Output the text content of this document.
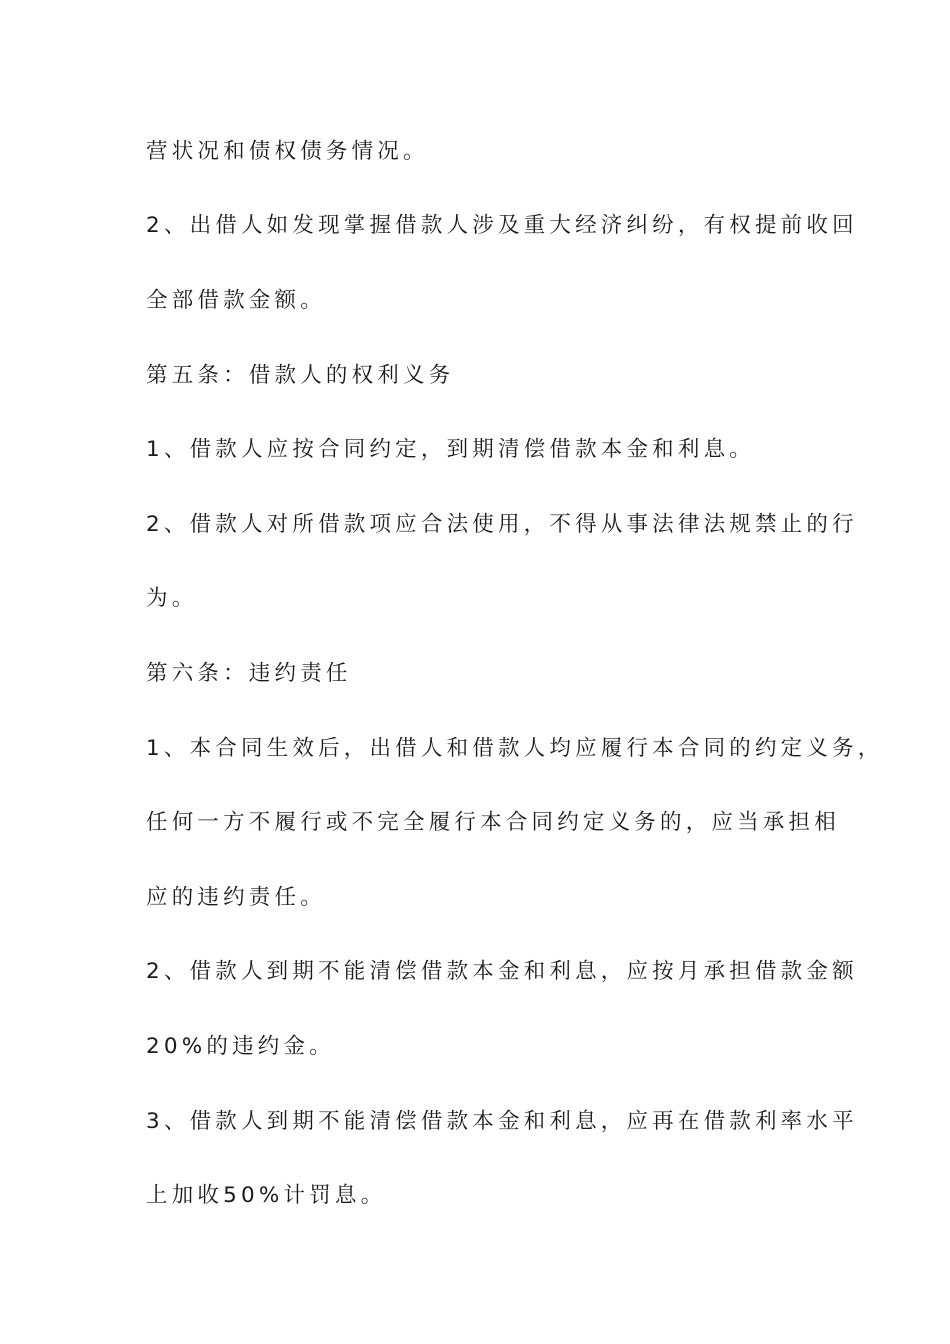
营状况和债权债务情况。
2、出借人如发现掌握借款人涉及重大经济纠纷，有权提前收回
全部借款金额。
第五条：借款人的权利义务
1、借款人应按合同约定，到期清偿借款本金和利息。
2、借款人对所借款项应合法使用，不得从事法律法规禁止的行
为。
第六条：违约责任
1、本合同生效后，出借人和借款人均应履行本合同的约定义务，
任何一方不履行或不完全履行本合同约定义务的，应当承担相
应的违约责任。
2、借款人到期不能清偿借款本金和利息，应按月承担借款金额
20%的违约金。
3、借款人到期不能清偿借款本金和利息，应再在借款利率水平
上加收50%计罚息。
